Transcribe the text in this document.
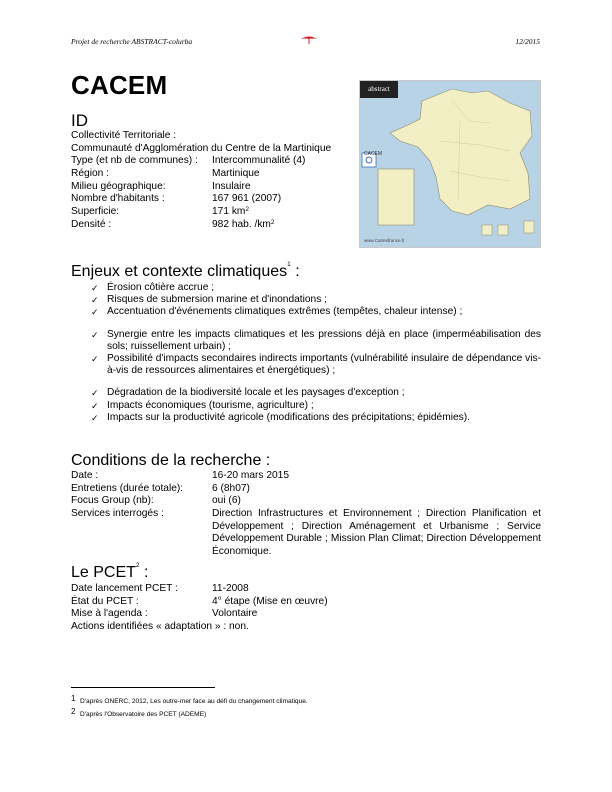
Projet de recherche ABSTRACT-colurba	12/2015
CACEM
ID
Collectivité Territoriale :
Communauté d'Agglomération du Centre de la Martinique
Type (et nb de communes) : Intercommunalité (4)
Région :	Martinique
Milieu géographique:	Insulaire
Nombre d'habitants :	167 961 (2007)
Superficie:	171 $km^2$
Densité :	982 hab. $/km^2$
abstract
CACEM
www.Cartesfrance.fr
Enjeux et contexte climatiques$^1$ :
✓ Érosion côtière accrue ;
✓ Risques de submersion marine et d'inondations ;
✓ Accentuation d'événements climatiques extrêmes (tempêtes, chaleur intense) ;
✓ Synergie entre les impacts climatiques et les pressions déjà en place (imperméabilisation des sols; ruissellement urbain) ;
✓ Possibilité d'impacts secondaires indirects importants (vulnérabilité insulaire de dépendance vis-à-vis de ressources alimentaires et énergétiques) ;
✓ Dégradation de la biodiversité locale et les paysages d'exception ;
✓ Impacts économiques (tourisme, agriculture) ;
✓ Impacts sur la productivité agricole (modifications des précipitations; épidémies).
Conditions de la recherche :
Date :	16-20 mars 2015
Entretiens (durée totale):	6 (8h07)
Focus Group (nb):	oui (6)
Services interrogés :	Direction Infrastructures et Environnement ; Direction Planification et Développement ; Direction Aménagement et Urbanisme ; Service Développement Durable ; Mission Plan Climat; Direction Développement Économique.
Le PCET$^2$ :
Date lancement PCET :	11-2008
État du PCET :	4° étape (Mise en œuvre)
Mise à l'agenda :	Volontaire
Actions identifiées « adaptation » : non.
1 D'après ONERC, 2012, Les outre-mer face au défi du changement climatique.
2 D'après l'Observatoire des PCET (ADEME)
